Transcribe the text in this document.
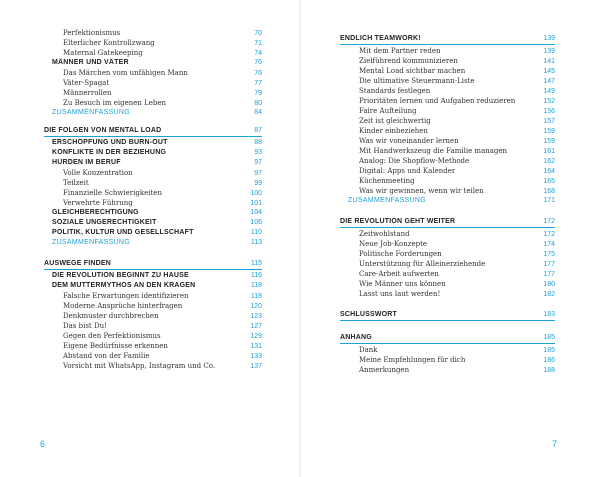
Perfektionismus	70
Elterlicher Kontrollzwang	71
Maternal Gatekeeping	74
MÄNNER UND VÄTER	76
Das Märchen vom unfähigen Mann	76
Väter-Spagat	77
Männerrollen	79
Zu Besuch im eigenen Leben	80
ZUSAMMENFASSUNG	84
DIE FOLGEN VON MENTAL LOAD	87
ERSCHÖPFUNG UND BURN-OUT	88
KONFLIKTE IN DER BEZIEHUNG	93
HÜRDEN IM BERUF	97
Volle Konzentration	97
Teilzeit	99
Finanzielle Schwierigkeiten	100
Verwehrte Führung	101
GLEICHBERECHTIGUNG	104
SOZIALE UNGERECHTIGKEIT	106
POLITIK, KULTUR UND GESELLSCHAFT	110
ZUSAMMENFASSUNG	113
AUSWEGE FINDEN	115
DIE REVOLUTION BEGINNT ZU HAUSE	116
DEM MUTTERMYTHOS AN DEN KRAGEN	118
Falsche Erwartungen identifizieren	118
Moderne Ansprüche hinterfragen	120
Denkmuster durchbrechen	123
Das bist Du!	127
Gegen den Perfektionismus	129
Eigene Bedürfnisse erkennen	131
Abstand von der Familie	133
Vorsicht mit WhatsApp, Instagram und Co.	137
6
ENDLICH TEAMWORK!	139
Mit dem Partner reden	139
Zielführend kommunizieren	141
Mental Load sichtbar machen	145
Die ultimative Steuermann-Liste	147
Standards festlegen	149
Prioritäten lernen und Aufgaben reduzieren	152
Faire Aufteilung	156
Zeit ist gleichwertig	157
Kinder einbeziehen	159
Was wir voneinander lernen	159
Mit Handwerkszeug die Familie managen	161
Analog: Die Shopflow-Methode	162
Digital: Apps und Kalender	164
Küchenmeeting	165
Was wir gewinnen, wenn wir teilen	168
ZUSAMMENFASSUNG	171
DIE REVOLUTION GEHT WEITER	172
Zeitwohlstand	172
Neue Job-Konzepte	174
Politische Forderungen	175
Unterstützung für Alleinerziehende	177
Care-Arbeit aufwerten	177
Wie Männer uns können	180
Lasst uns laut werden!	182
SCHLUSSWORT	183
ANHANG	185
Dank	185
Meine Empfehlungen für dich	186
Anmerkungen	188
7
